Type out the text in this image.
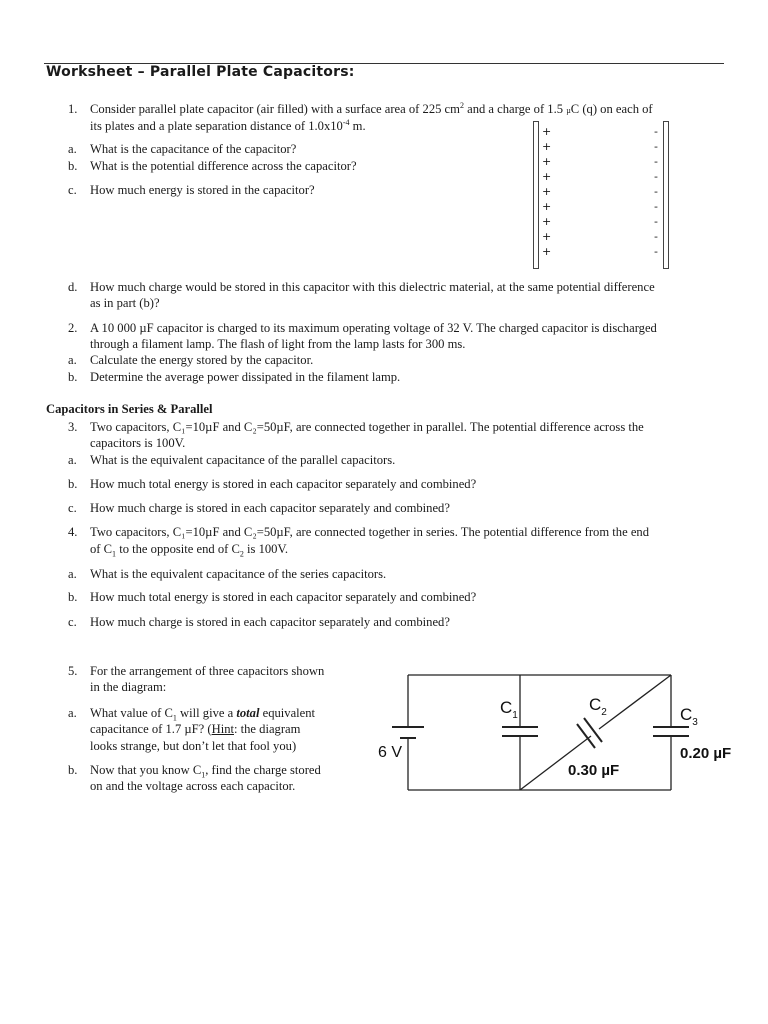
Worksheet – Parallel Plate Capacitors:
1. Consider parallel plate capacitor (air filled) with a surface area of 225 $cm^2$ and a charge of 1.5 µC (q) on each of
its plates and a plate separation distance of $1.0x10^{-4}$ m.
a. What is the capacitance of the capacitor?
b. What is the potential difference across the capacitor?
c. How much energy is stored in the capacitor?
+
+
+
+
+
+
+
+
+
-
-
-
-
-
-
-
-
-
d. How much charge would be stored in this capacitor with this dielectric material, at the same potential difference
as in part (b)?
2. A 10 000 µF capacitor is charged to its maximum operating voltage of 32 V. The charged capacitor is discharged
through a filament lamp. The flash of light from the lamp lasts for 300 ms.
a. Calculate the energy stored by the capacitor.
b. Determine the average power dissipated in the filament lamp.
Capacitors in Series & Parallel
3. Two capacitors, C₁=10µF and C₂=50µF, are connected together in parallel. The potential difference across the
capacitors is 100V.
a. What is the equivalent capacitance of the parallel capacitors.
b. How much total energy is stored in each capacitor separately and combined?
c. How much charge is stored in each capacitor separately and combined?
4. Two capacitors, C₁=10µF and C₂=50µF, are connected together in series. The potential difference from the end
of $C_1$ to the opposite end of $C_2$ is 100V.
a. What is the equivalent capacitance of the series capacitors.
b. How much total energy is stored in each capacitor separately and combined?
c. How much charge is stored in each capacitor separately and combined?
5. For the arrangement of three capacitors shown
in the diagram:
a. What value of $C_1$ will give a total equivalent
capacitance of 1.7 µF? (Hint: the diagram
looks strange, but don’t let that fool you)
b. Now that you know $C_1$, find the charge stored
on and the voltage across each capacitor.
6 V
$C_1$
$C_2$	$C_3$
0.30 µF
0.20 µF
